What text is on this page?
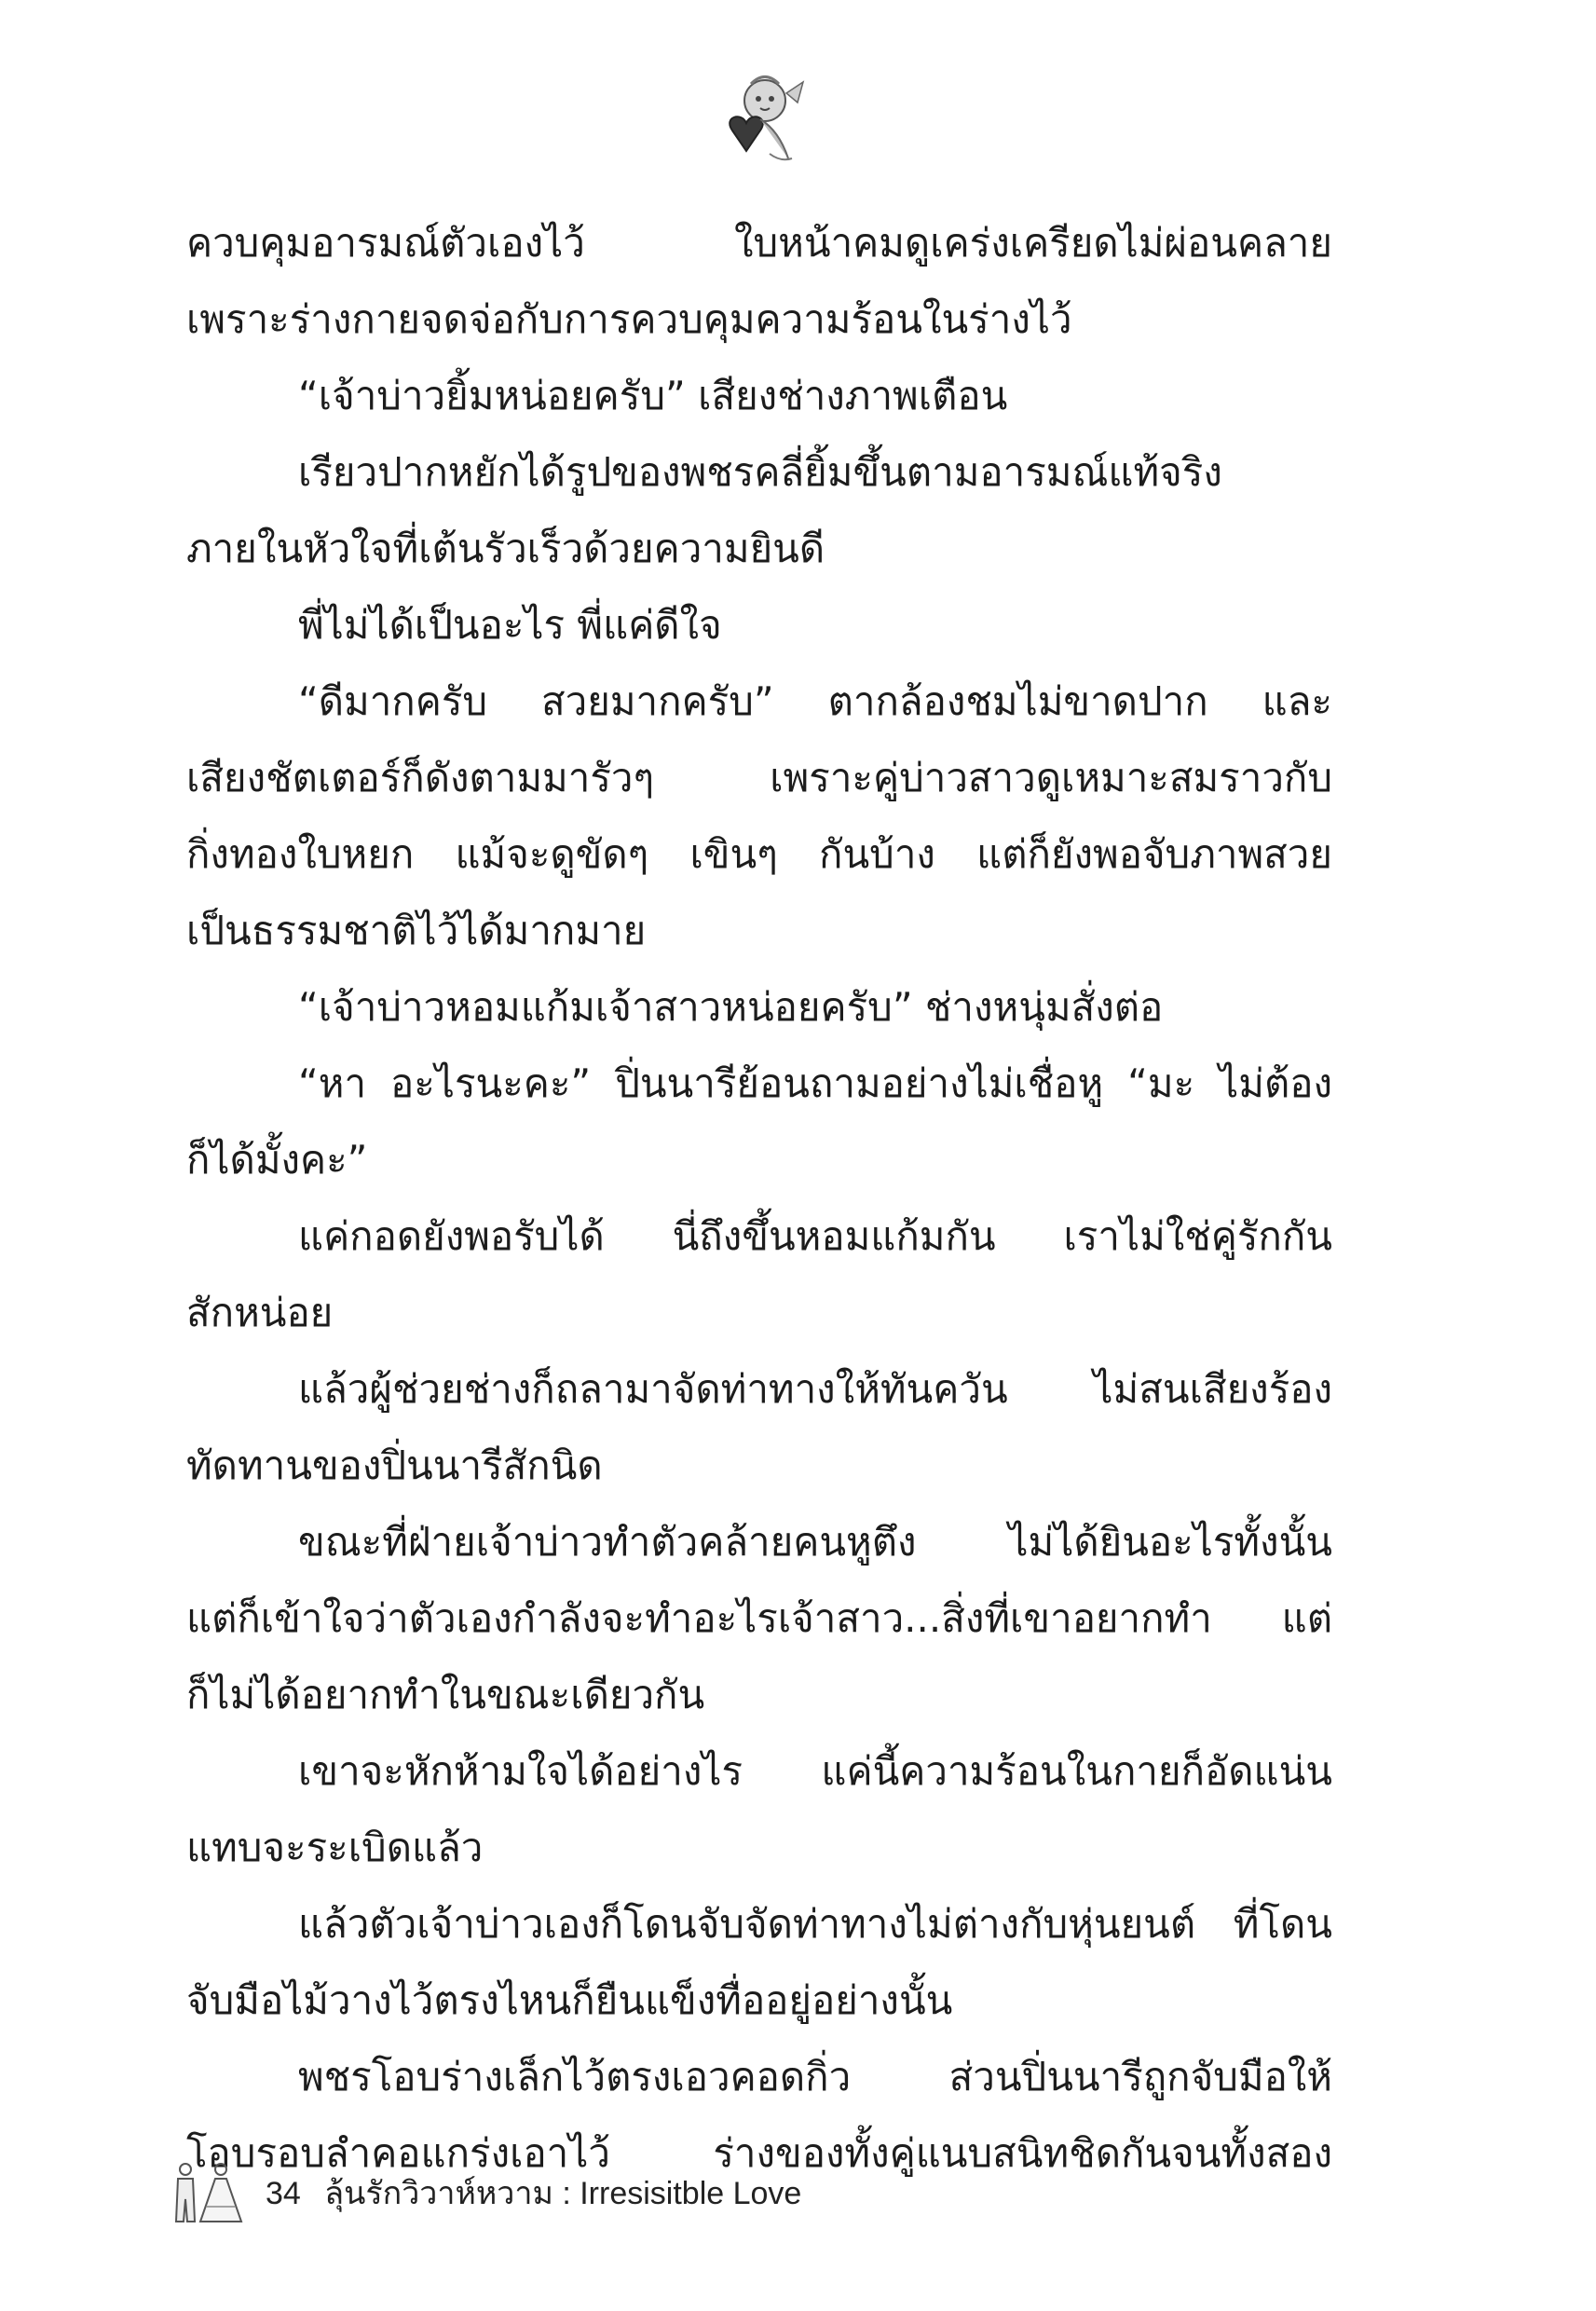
ควบคุมอารมณ์ตัวเองไว้ ใบหน้าคมดูเคร่งเครียดไม่ผ่อนคลาย
เพราะร่างกายจดจ่อกับการควบคุมความร้อนในร่างไว้
“เจ้าบ่าวยิ้มหน่อยครับ” เสียงช่างภาพเตือน
เรียวปากหยักได้รูปของพชรคลี่ยิ้มขึ้นตามอารมณ์แท้จริง
ภายในหัวใจที่เต้นรัวเร็วด้วยความยินดี
พี่ไม่ได้เป็นอะไร พี่แค่ดีใจ
“ดีมากครับ สวยมากครับ” ตากล้องชมไม่ขาดปาก และ
เสียงชัตเตอร์ก็ดังตามมารัวๆ เพราะคู่บ่าวสาวดูเหมาะสมราวกับ
กิ่งทองใบหยก แม้จะดูขัดๆ เขินๆ กันบ้าง แต่ก็ยังพอจับภาพสวย
เป็นธรรมชาติไว้ได้มากมาย
“เจ้าบ่าวหอมแก้มเจ้าสาวหน่อยครับ” ช่างหนุ่มสั่งต่อ
“หา อะไรนะคะ” ปิ่นนารีย้อนถามอย่างไม่เชื่อหู “มะ ไม่ต้อง
ก็ได้มั้งคะ”
แค่กอดยังพอรับได้ นี่ถึงขึ้นหอมแก้มกัน เราไม่ใช่คู่รักกัน
สักหน่อย
แล้วผู้ช่วยช่างก็ถลามาจัดท่าทางให้ทันควัน ไม่สนเสียงร้อง
ทัดทานของปิ่นนารีสักนิด
ขณะที่ฝ่ายเจ้าบ่าวทำตัวคล้ายคนหูตึง ไม่ได้ยินอะไรทั้งนั้น
แต่ก็เข้าใจว่าตัวเองกำลังจะทำอะไรเจ้าสาว...สิ่งที่เขาอยากทำ แต่
ก็ไม่ได้อยากทำในขณะเดียวกัน
เขาจะหักห้ามใจได้อย่างไร แค่นี้ความร้อนในกายก็อัดแน่น
แทบจะระเบิดแล้ว
แล้วตัวเจ้าบ่าวเองก็โดนจับจัดท่าทางไม่ต่างกับหุ่นยนต์ ที่โดน
จับมือไม้วางไว้ตรงไหนก็ยืนแข็งทื่ออยู่อย่างนั้น
พชรโอบร่างเล็กไว้ตรงเอวคอดกิ่ว ส่วนปิ่นนารีถูกจับมือให้
โอบรอบลำคอแกร่งเอาไว้ ร่างของทั้งคู่แนบสนิทชิดกันจนทั้งสอง
34 ลุ้นรักวิวาห์หวาม : Irresisitble Love
